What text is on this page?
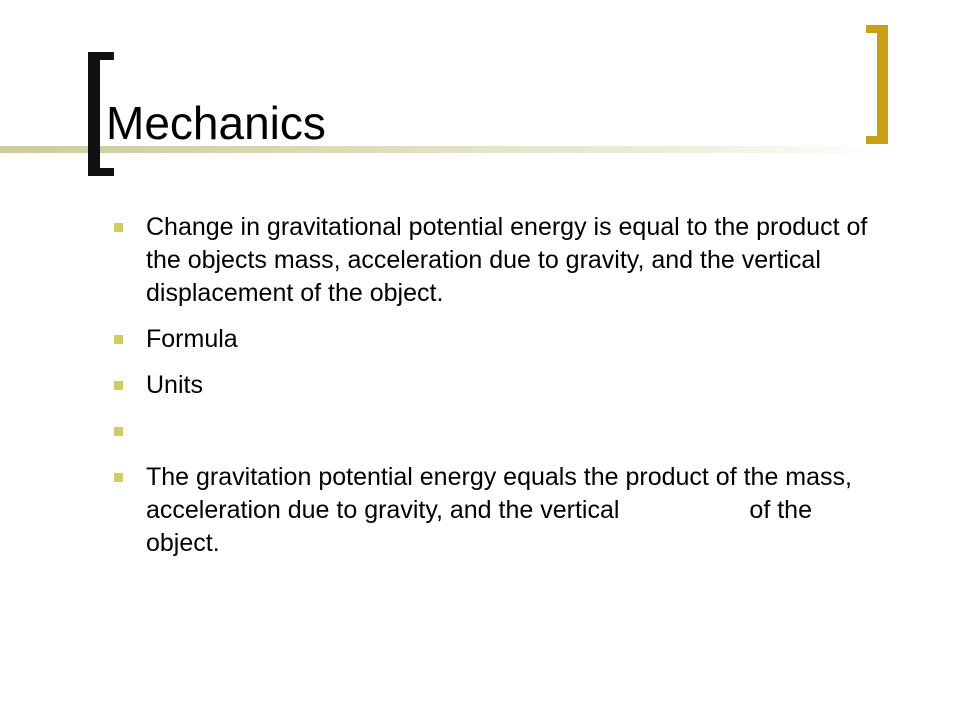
Mechanics
Change in gravitational potential energy is equal to the product of the objects mass, acceleration due to gravity, and the vertical displacement of the object.
Formula
Units
The gravitation potential energy equals the product of the mass, acceleration due to gravity, and the vertical	of the object.
